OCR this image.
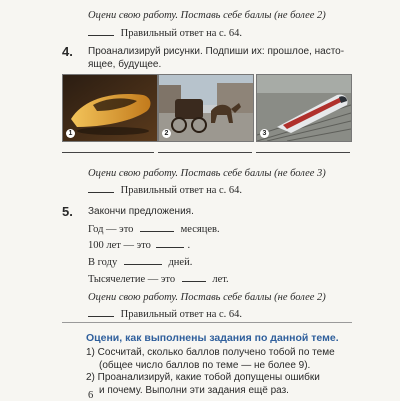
Оцени свою работу. Поставь себе баллы (не более 2)
Правильный ответ на с. 64.
4. Проанализируй рисунки. Подпиши их: прошлое, насто-
ящее, будущее.
1	2	3
Оцени свою работу. Поставь себе баллы (не более 3)
Правильный ответ на с. 64.
5. Закончи предложения.
Год — это	месяцев.
100 лет — это	.
В году	дней.
Тысячелетие — это	лет.
Оцени свою работу. Поставь себе баллы (не более 2)
Правильный ответ на с. 64.
Оцени, как выполнены задания по данной теме.
1) Сосчитай, сколько баллов получено тобой по теме
(общее число баллов по теме — не более 9).
2) Проанализируй, какие тобой допущены ошибки
и почему. Выполни эти задания ещё раз.
6
